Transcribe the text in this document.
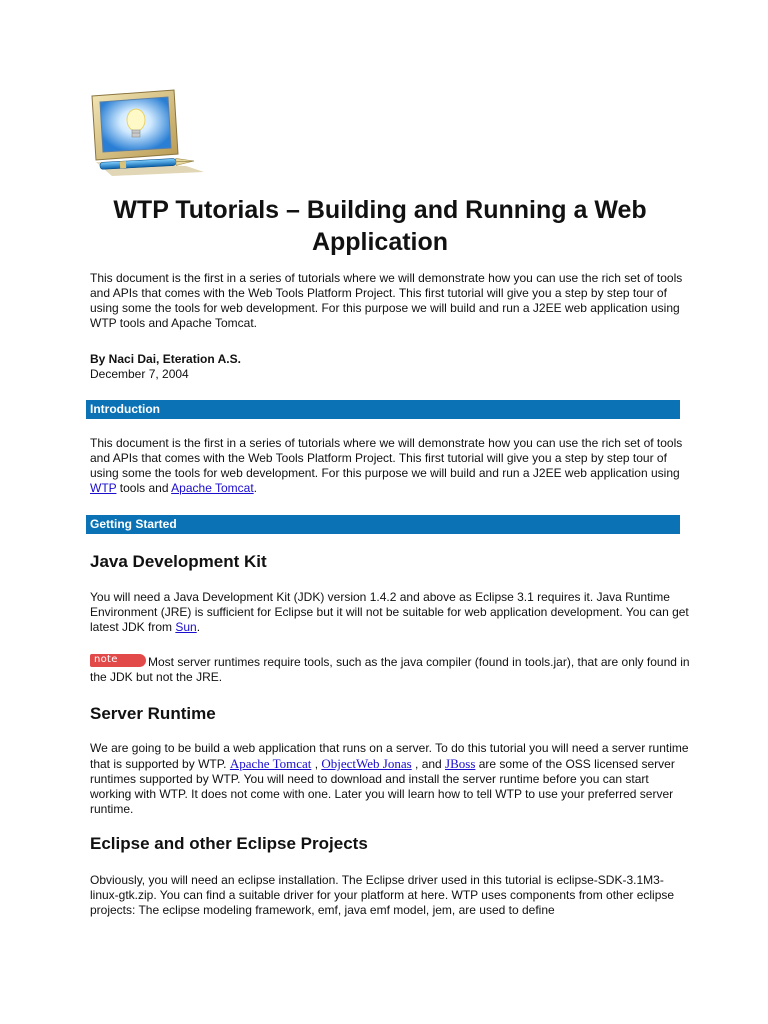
WTP Tutorials – Building and Running a Web Application
This document is the first in a series of tutorials where we will demonstrate how you can use the rich set of tools and APIs that comes with the Web Tools Platform Project. This first tutorial will give you a step by step tour of using some the tools for web development. For this purpose we will build and run a J2EE web application using WTP tools and Apache Tomcat.
By Naci Dai, Eteration A.S.
December 7, 2004
Introduction
This document is the first in a series of tutorials where we will demonstrate how you can use the rich set of tools and APIs that comes with the Web Tools Platform Project. This first tutorial will give you a step by step tour of using some the tools for web development. For this purpose we will build and run a J2EE web application using WTP tools and Apache Tomcat.
Getting Started
Java Development Kit
You will need a Java Development Kit (JDK) version 1.4.2 and above as Eclipse 3.1 requires it. Java Runtime Environment (JRE) is sufficient for Eclipse but it will not be suitable for web application development. You can get latest JDK from Sun.
note	Most server runtimes require tools, such as the java compiler (found in tools.jar), that are only found in the JDK but not the JRE.
Server Runtime
We are going to be build a web application that runs on a server. To do this tutorial you will need a server runtime that is supported by WTP. Apache Tomcat , ObjectWeb Jonas , and JBoss are some of the OSS licensed server runtimes supported by WTP. You will need to download and install the server runtime before you can start working with WTP. It does not come with one. Later you will learn how to tell WTP to use your preferred server runtime.
Eclipse and other Eclipse Projects
Obviously, you will need an eclipse installation. The Eclipse driver used in this tutorial is eclipse-SDK-3.1M3-linux-gtk.zip. You can find a suitable driver for your platform at here. WTP uses components from other eclipse projects: The eclipse modeling framework, emf, java emf model, jem, are used to define
